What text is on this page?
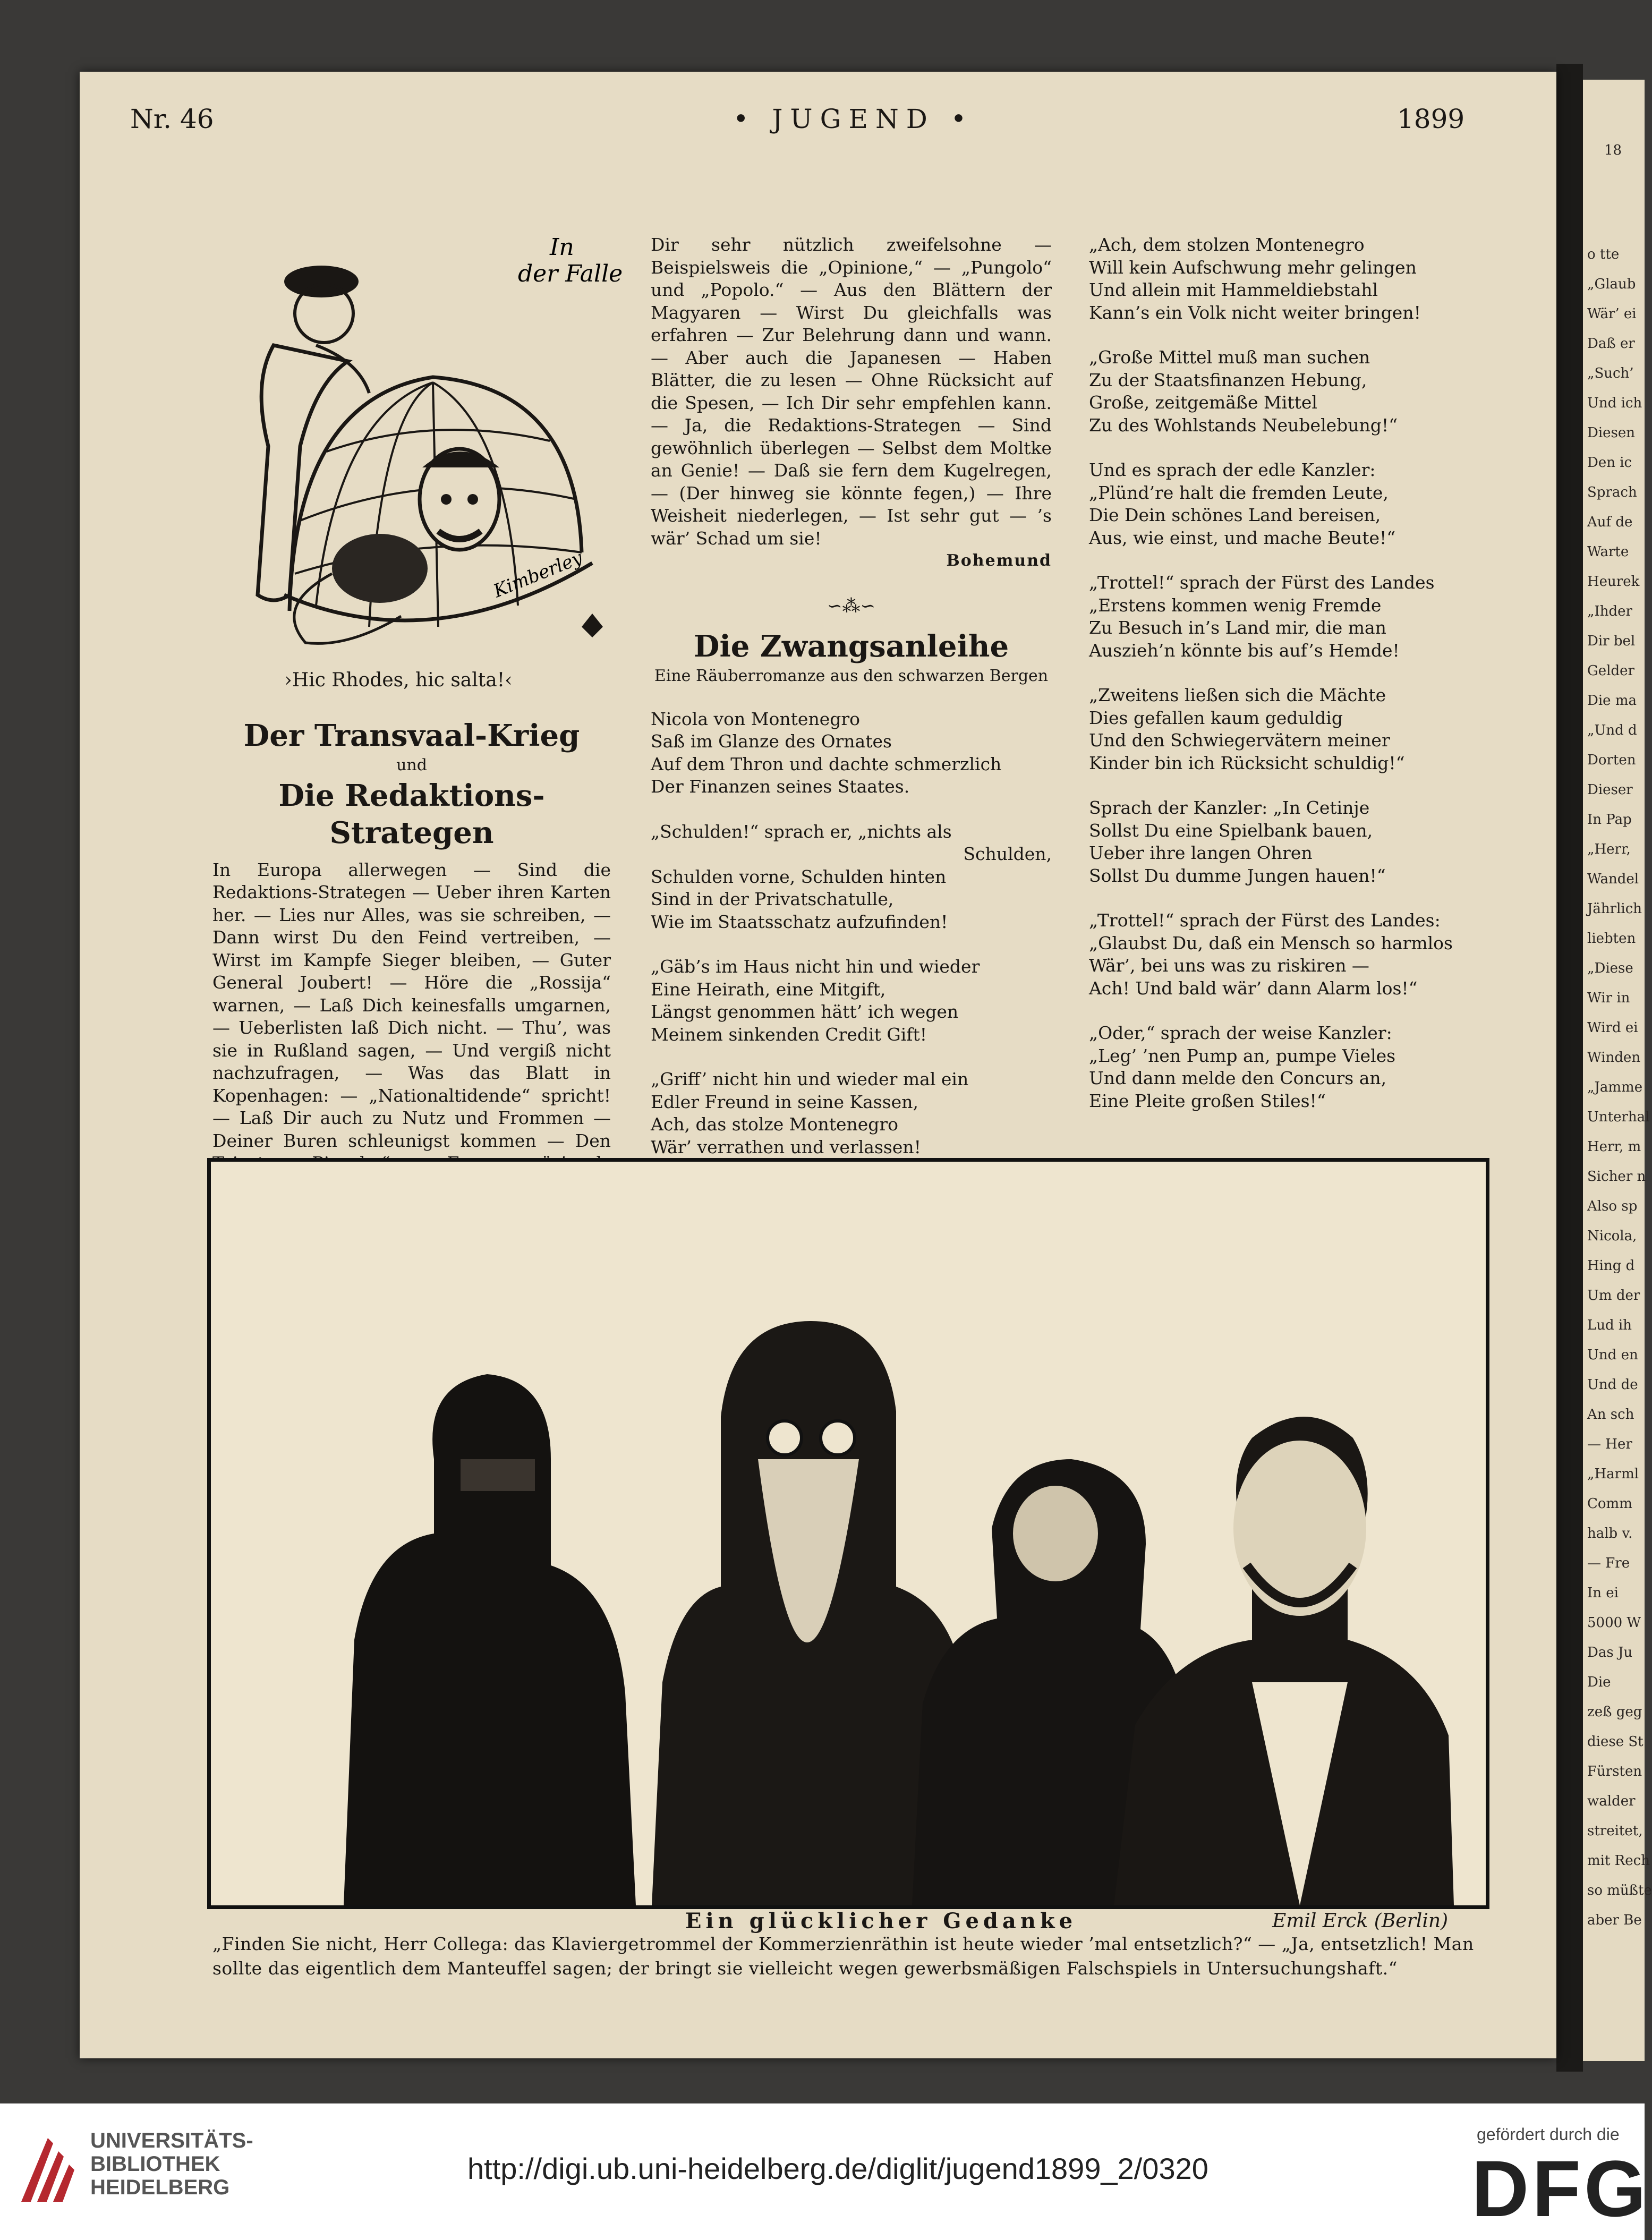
18
o tte
„Glaub
Wär’ ei
Daß er
„Such’
Und ich
Diesen
Den ic
Sprach
Auf de
Warte
Heurek
„Ihder
Dir bel
Gelder
Die ma
„Und d
Dorten
Dieser
In Pap
„Herr,
Wandel
Jährlich
liebten
„Diese
Wir in
Wird ei
Winden
„Jamme
Unterhal
Herr, m
Sicher n
Also sp
Nicola,
Hing d
Um der
Lud ih
Und en
Und de
An sch
— Her
„Harml
Comm
halb v.
— Fre
In ei
5000 W
Das Ju
Die
zeß geg
diese St
Fürsten
walder
streitet,
mit Rech
so müßte
aber Be
Nr. 46	• JUGEND •	1899
Kimberley
In
der Falle
›Hic Rhodes, hic salta!‹

Der Transvaal-Krieg

und

Die Redaktions-Strategen

In Europa allerwegen — Sind die Redaktions-Strategen — Ueber ihren Karten her. — Lies nur Alles, was sie schreiben, — Dann wirst Du den Feind vertreiben, — Wirst im Kampfe Sieger bleiben, — Guter General Joubert! — Höre die „Rossija“ warnen, — Laß Dich keinesfalls umgarnen, — Ueberlisten laß Dich nicht. — Thu’, was sie in Rußland sagen, — Und vergiß nicht nachzufragen, — Was das Blatt in Kopenhagen: — „Nationaltidende“ spricht! — Laß Dir auch zu Nutz und Frommen — Deiner Buren schleunigst kommen — Den

Dir sehr nützlich zweifelsohne — Beispielsweis die „Opinione,“ — „Pungolo“ und „Popolo.“ — Aus den Blättern der Magyaren — Wirst Du gleichfalls was erfahren — Zur Belehrung dann und wann. — Aber auch die Japanesen — Haben Blätter, die zu lesen — Ohne Rücksicht auf die Spesen, — Ich Dir sehr empfehlen kann. — Ja, die Redaktions-Strategen — Sind gewöhnlich überlegen — Selbst dem Moltke an Genie! — Daß sie fern dem Kugelregen, — (Der hinweg sie könnte fegen,) — Ihre Weisheit niederlegen, — Ist sehr gut — ’s wär’ Schad um sie!

Bohemund
∽⁂∽

Die Zwangsanleihe

Eine Räuberromanze aus den schwarzen Bergen

Nicola von Montenegro
Saß im Glanze des Ornates
Auf dem Thron und dachte schmerzlich
Der Finanzen seines Staates.
„Schulden!“ sprach er, „nichts als
Schulden,
Schulden vorne, Schulden hinten
Sind in der Privatschatulle,
Wie im Staatsschatz aufzufinden!
„Gäb’s im Haus nicht hin und wieder
Eine Heirath, eine Mitgift,
Längst genommen hätt’ ich wegen
Meinem sinkenden Credit Gift!
„Griff’ nicht hin und wieder mal ein
Edler Freund in seine Kassen,
Ach, das stolze Montenegro
Wär’ verrathen und verlassen!
„Ach, dem stolzen Montenegro
Will kein Aufschwung mehr gelingen
Und allein mit Hammeldiebstahl
Kann’s ein Volk nicht weiter bringen!
„Große Mittel muß man suchen
Zu der Staatsfinanzen Hebung,
Große, zeitgemäße Mittel
Zu des Wohlstands Neubelebung!“
Und es sprach der edle Kanzler:
„Plünd’re halt die fremden Leute,
Die Dein schönes Land bereisen,
Aus, wie einst, und mache Beute!“
„Trottel!“ sprach der Fürst des Landes
„Erstens kommen wenig Fremde
Zu Besuch in’s Land mir, die man
Auszieh’n könnte bis auf’s Hemde!
„Zweitens ließen sich die Mächte
Dies gefallen kaum geduldig
Und den Schwiegervätern meiner
Kinder bin ich Rücksicht schuldig!“
Sprach der Kanzler: „In Cetinje
Sollst Du eine Spielbank bauen,
Ueber ihre langen Ohren
Sollst Du dumme Jungen hauen!“
„Trottel!“ sprach der Fürst des Landes:
„Glaubst Du, daß ein Mensch so harmlos
Wär’, bei uns was zu riskiren —
Ach! Und bald wär’ dann Alarm los!“
„Oder,“ sprach der weise Kanzler:
„Leg’ ’nen Pump an, pumpe Vieles
Und dann melde den Concurs an,
Eine Pleite großen Stiles!“
Ein glücklicher Gedanke	Emil Erck (Berlin)
„Finden Sie nicht, Herr Collega: das Klaviergetrommel der Kommerzienräthin ist heute wieder ’mal entsetzlich?“ — „Ja, entsetzlich! Man
sollte das eigentlich dem Manteuffel sagen; der bringt sie vielleicht wegen gewerbsmäßigen Falschspiels in Untersuchungshaft.“
UNIVERSITÄTS-
BIBLIOTHEK
HEIDELBERG
http://digi.ub.uni-heidelberg.de/diglit/jugend1899_2/0320
gefördert durch die
DFG
